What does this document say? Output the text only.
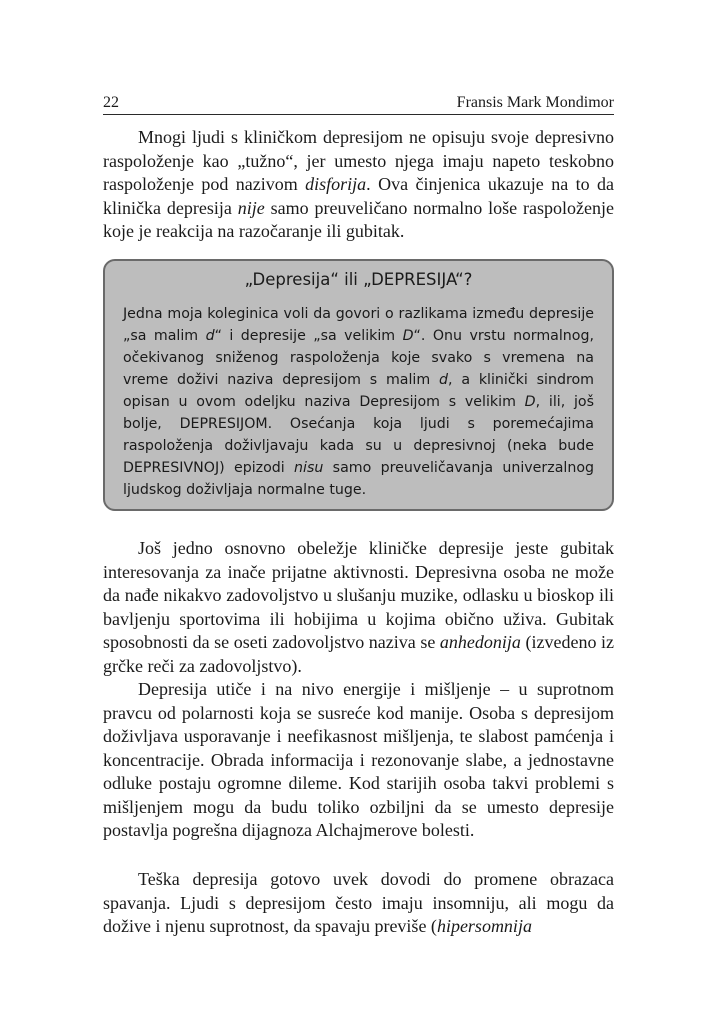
22	Fransis Mark Mondimor

Mnogi ljudi s kliničkom depresijom ne opisuju svoje depresivno raspoloženje kao „tužno“, jer umesto njega imaju napeto teskobno raspoloženje pod nazivom disforija. Ova činjenica ukazuje na to da klinička depresija nije samo preuveličano normalno loše raspoloženje koje je reakcija na razočaranje ili gubitak.

„Depresija“ ili „DEPRESIJA“?

Jedna moja koleginica voli da govori o razlikama između depresije „sa malim d“ i depresije „sa velikim D“. Onu vrstu normalnog, očekivanog sniženog raspoloženja koje svako s vremena na vreme doživi naziva depresijom s malim d, a klinički sindrom opisan u ovom odeljku naziva Depresijom s velikim D, ili, još bolje, DEPRESIJOM. Osećanja koja ljudi s poremećajima raspoloženja doživljavaju kada su u depresivnoj (neka bude DEPRESIVNOJ) epizodi nisu samo preuveličavanja univerzalnog ljudskog doživljaja normalne tuge.

Još jedno osnovno obeležje kliničke depresije jeste gubitak interesovanja za inače prijatne aktivnosti. Depresivna osoba ne može da nađe nikakvo zadovoljstvo u slušanju muzike, odlasku u bioskop ili bavljenju sportovima ili hobijima u kojima obično uživa. Gubitak sposobnosti da se oseti zadovoljstvo naziva se anhedonija (izvedeno iz grčke reči za zadovoljstvo).

Depresija utiče i na nivo energije i mišljenje – u suprotnom pravcu od polarnosti koja se susreće kod manije. Osoba s depresijom doživljava usporavanje i neefikasnost mišljenja, te slabost pamćenja i koncentracije. Obrada informacija i rezonovanje slabe, a jednostavne odluke postaju ogromne dileme. Kod starijih osoba takvi problemi s mišljenjem mogu da budu toliko ozbiljni da se umesto depresije postavlja pogrešna dijagnoza Alchajmerove bolesti.

Teška depresija gotovo uvek dovodi do promene obrazaca spavanja. Ljudi s depresijom često imaju insomniju, ali mogu da dožive i njenu suprotnost, da spavaju previše (hipersomnija
